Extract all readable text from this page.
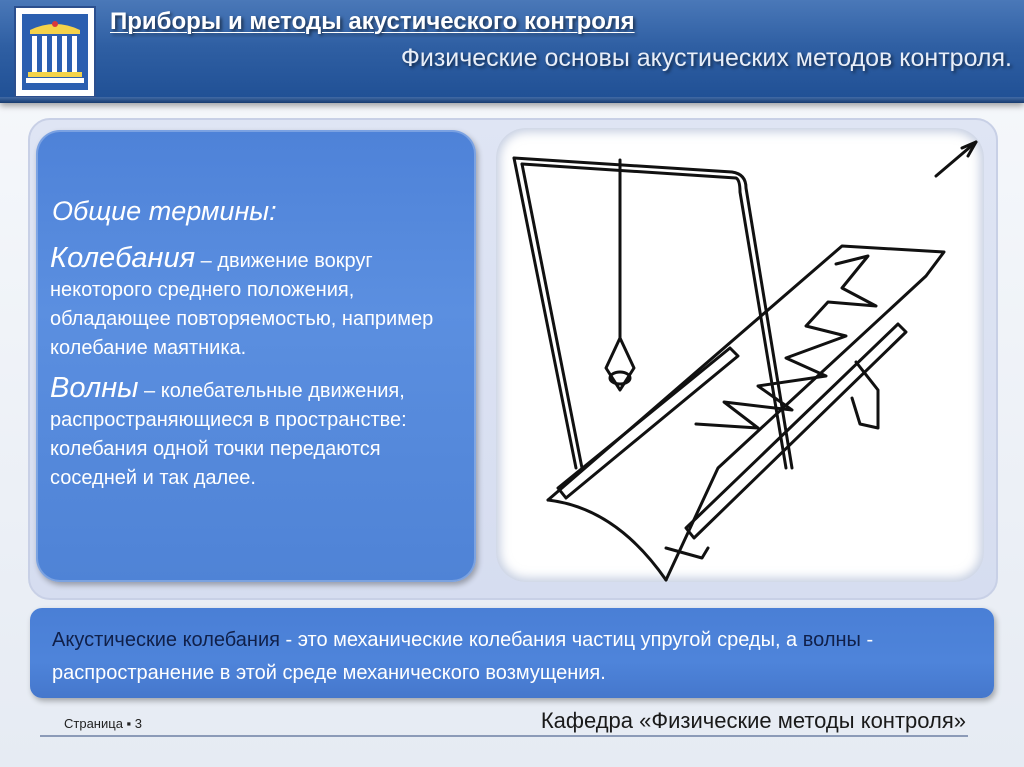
Приборы и методы акустического контроля
Физические основы акустических методов контроля.
Общие термины:
Колебания – движение вокруг некоторого среднего положения, обладающее повторяемостью, например колебание маятника.
Волны – колебательные движения, распространяющиеся в пространстве: колебания одной точки передаются соседней и так далее.
Акустические колебания - это механические колебания частиц упругой среды, а волны - распространение в этой среде механического возмущения.
Страница ▪ 3	Кафедра «Физические методы контроля»
